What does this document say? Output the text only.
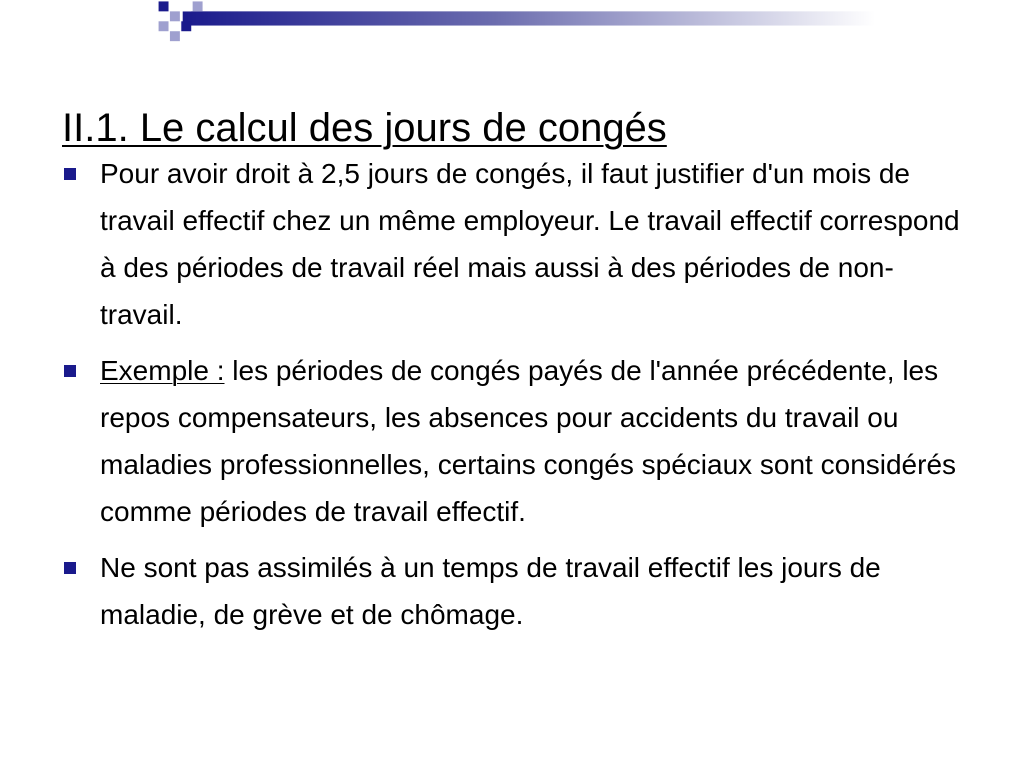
II.1. Le calcul des jours de congés
Pour avoir droit à 2,5 jours de congés, il faut justifier d'un mois de travail effectif chez un même employeur. Le travail effectif correspond à des périodes de travail réel mais aussi à des périodes de non-travail.
Exemple : les périodes de congés payés de l'année précédente, les repos compensateurs, les absences pour accidents du travail ou maladies professionnelles, certains congés spéciaux sont considérés comme périodes de travail effectif.
Ne sont pas assimilés à un temps de travail effectif les jours de maladie, de grève et de chômage.
